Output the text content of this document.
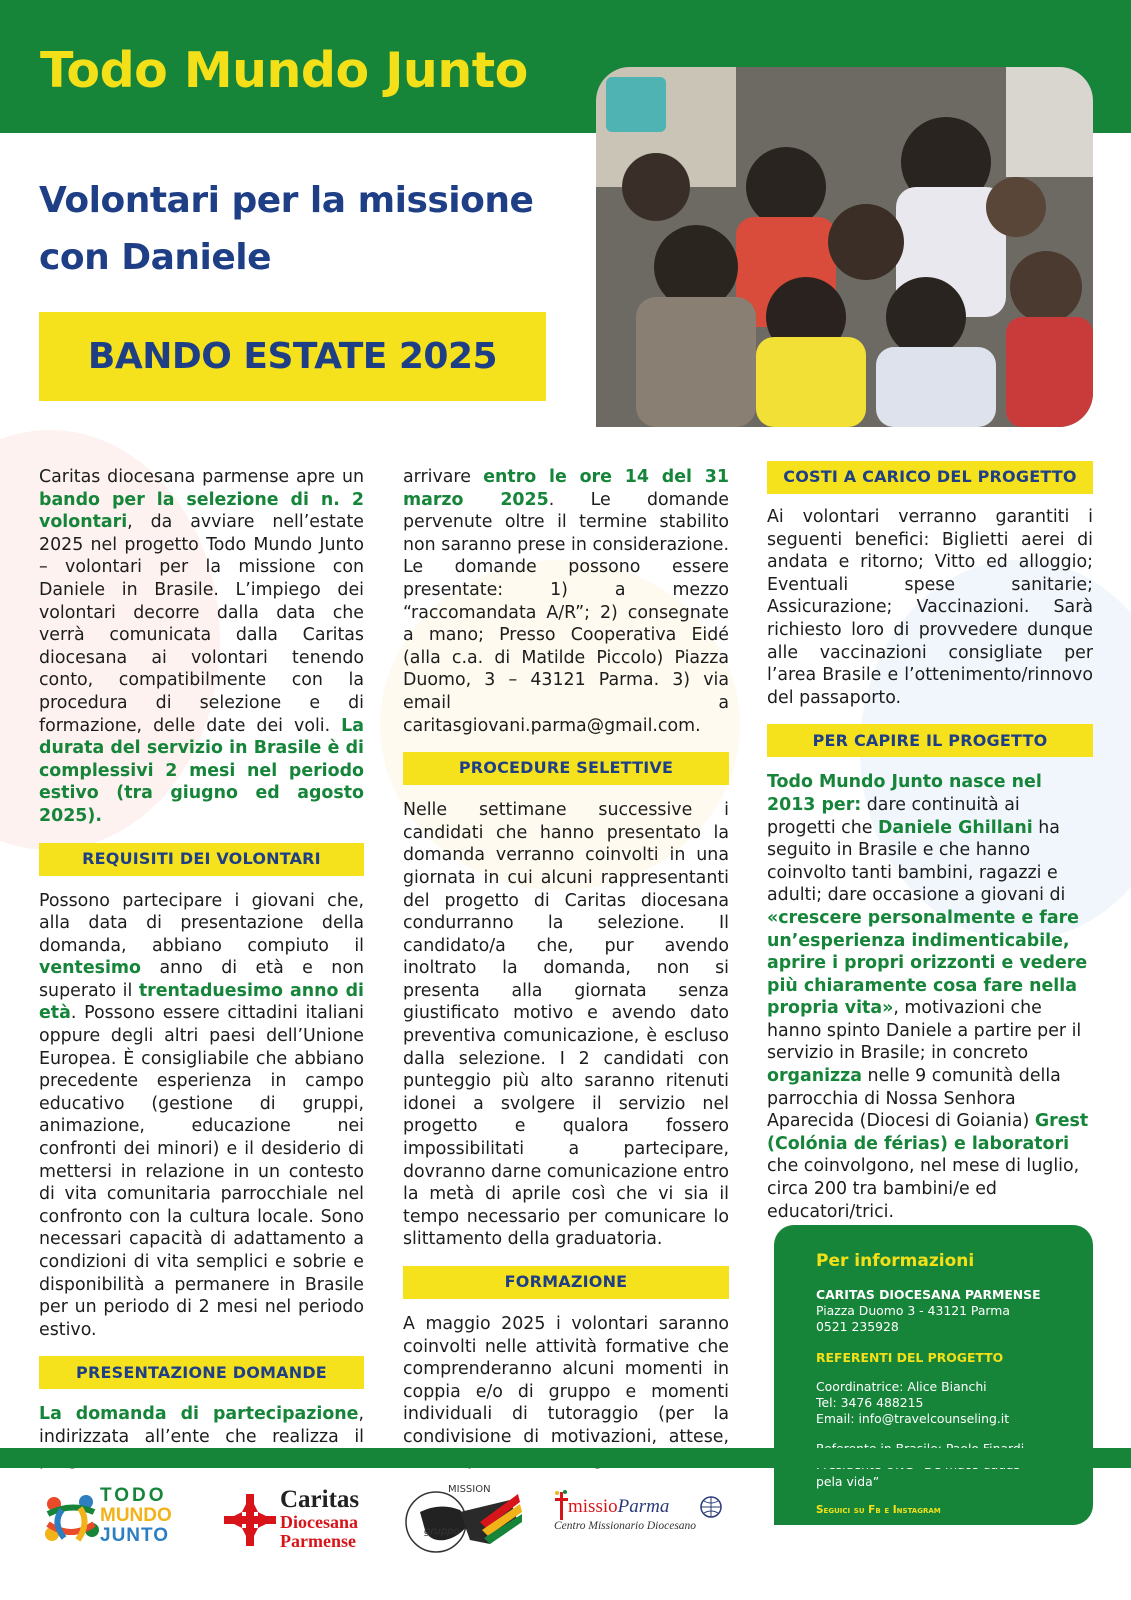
Todo Mundo Junto
Volontari per la missione
con Daniele
BANDO ESTATE 2025

Caritas diocesana parmense apre un bando per la selezione di n. 2 volontari, da avviare nell’estate 2025 nel progetto Todo Mundo Junto – volontari per la missione con Daniele in Brasile. L’impiego dei volontari decorre dalla data che verrà comunicata dalla Caritas diocesana ai volontari tenendo conto, compatibilmente con la procedura di selezione e di formazione, delle date dei voli. La durata del servizio in Brasile è di complessivi 2 mesi nel periodo estivo (tra giugno ed agosto 2025).

REQUISITI DEI VOLONTARI

Possono partecipare i giovani che, alla data di presentazione della domanda, abbiano compiuto il ventesimo anno di età e non superato il trentaduesimo anno di età. Possono essere cittadini italiani oppure degli altri paesi dell’Unione Europea. È consigliabile che abbiano precedente esperienza in campo educativo (gestione di gruppi, animazione, educazione nei confronti dei minori) e il desiderio di mettersi in relazione in un contesto di vita comunitaria parrocchiale nel confronto con la cultura locale. Sono necessari capacità di adattamento a condizioni di vita semplici e sobrie e disponibilità a permanere in Brasile per un periodo di 2 mesi nel periodo estivo.

PRESENTAZIONE DOMANDE

La domanda di partecipazione, indirizzata all’ente che realizza il

arrivare entro le ore 14 del 31 marzo 2025. Le domande pervenute oltre il termine stabilito non saranno prese in considerazione. Le domande possono essere presentate: 1) a mezzo “raccomandata A/R”; 2) consegnate a mano; Presso Cooperativa Eidé (alla c.a. di Matilde Piccolo) Piazza Duomo, 3 – 43121 Parma. 3) via email a caritasgiovani.parma@gmail.com.

PROCEDURE SELETTIVE

Nelle settimane successive i candidati che hanno presentato la domanda verranno coinvolti in una giornata in cui alcuni rappresentanti del progetto di Caritas diocesana condurranno la selezione. Il candidato/a che, pur avendo inoltrato la domanda, non si presenta alla giornata senza giustificato motivo e avendo dato preventiva comunicazione, è escluso dalla selezione. I 2 candidati con punteggio più alto saranno ritenuti idonei a svolgere il servizio nel progetto e qualora fossero impossibilitati a partecipare, dovranno darne comunicazione entro la metà di aprile così che vi sia il tempo necessario per comunicare lo slittamento della graduatoria.

FORMAZIONE

A maggio 2025 i volontari saranno coinvolti nelle attività formative che comprenderanno alcuni momenti in coppia e/o di gruppo e momenti individuali di tutoraggio (per la condivisione di motivazioni, attese,

COSTI A CARICO DEL PROGETTO

Ai volontari verranno garantiti i seguenti benefici: Biglietti aerei di andata e ritorno; Vitto ed alloggio; Eventuali spese sanitarie; Assicurazione; Vaccinazioni. Sarà richiesto loro di provvedere dunque alle vaccinazioni consigliate per l’area Brasile e l’ottenimento/rinnovo del passaporto.

PER CAPIRE IL PROGETTO

Todo Mundo Junto nasce nel 2013 per: dare continuità ai progetti che Daniele Ghillani ha seguito in Brasile e che hanno coinvolto tanti bambini, ragazzi e adulti; dare occasione a giovani di «crescere personalmente e fare un’esperienza indimenticabile, aprire i propri orizzonti e vedere più chiaramente cosa fare nella propria vita», motivazioni che hanno spinto Daniele a partire per il servizio in Brasile; in concreto organizza nelle 9 comunità della parrocchia di Nossa Senhora Aparecida (Diocesi di Goiania) Grest (Colónia de férias) e laboratori che coinvolgono, nel mese di luglio, circa 200 tra bambini/e ed educatori/trici.

Per informazioni
CARITAS DIOCESANA PARMENSE
Piazza Duomo 3 - 43121 Parma
0521 235928
REFERENTI DEL PROGETTO
Coordinatrice: Alice Bianchi
Tel: 3476 488215
Email: info@travelcounseling.it
pela vida”
Seguici su Fb e Instagram
TODO
MUNDO
JUNTO
Caritas
Diocesana
Parmense
MISSION
gruppo
missioParma
Centro Missionario Diocesano
